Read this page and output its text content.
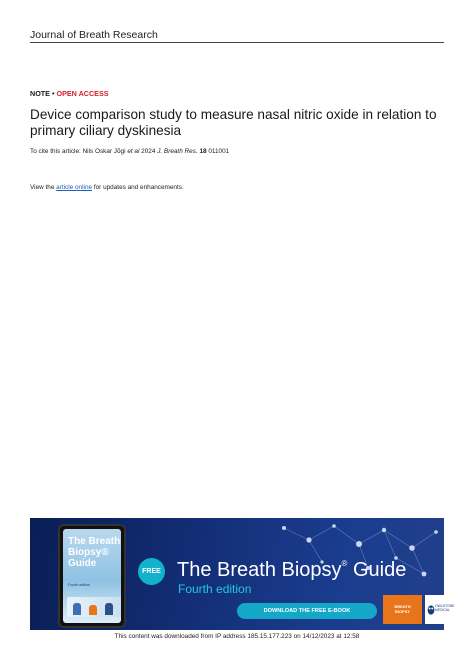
Journal of Breath Research
NOTE • OPEN ACCESS
Device comparison study to measure nasal nitric oxide in relation to primary ciliary dyskinesia
To cite this article: Nils Oskar Jõgi et al 2024 J. Breath Res. 18 011001
View the article online for updates and enhancements.
The Breath Biopsy® Guide
Fourth edition
FREE The Breath Biopsy® Guide
Fourth edition
DOWNLOAD THE FREE E-BOOK
BREATH
BIOPSY
OWLSTONE MEDICAL
This content was downloaded from IP address 185.15.177.223 on 14/12/2023 at 12:58
